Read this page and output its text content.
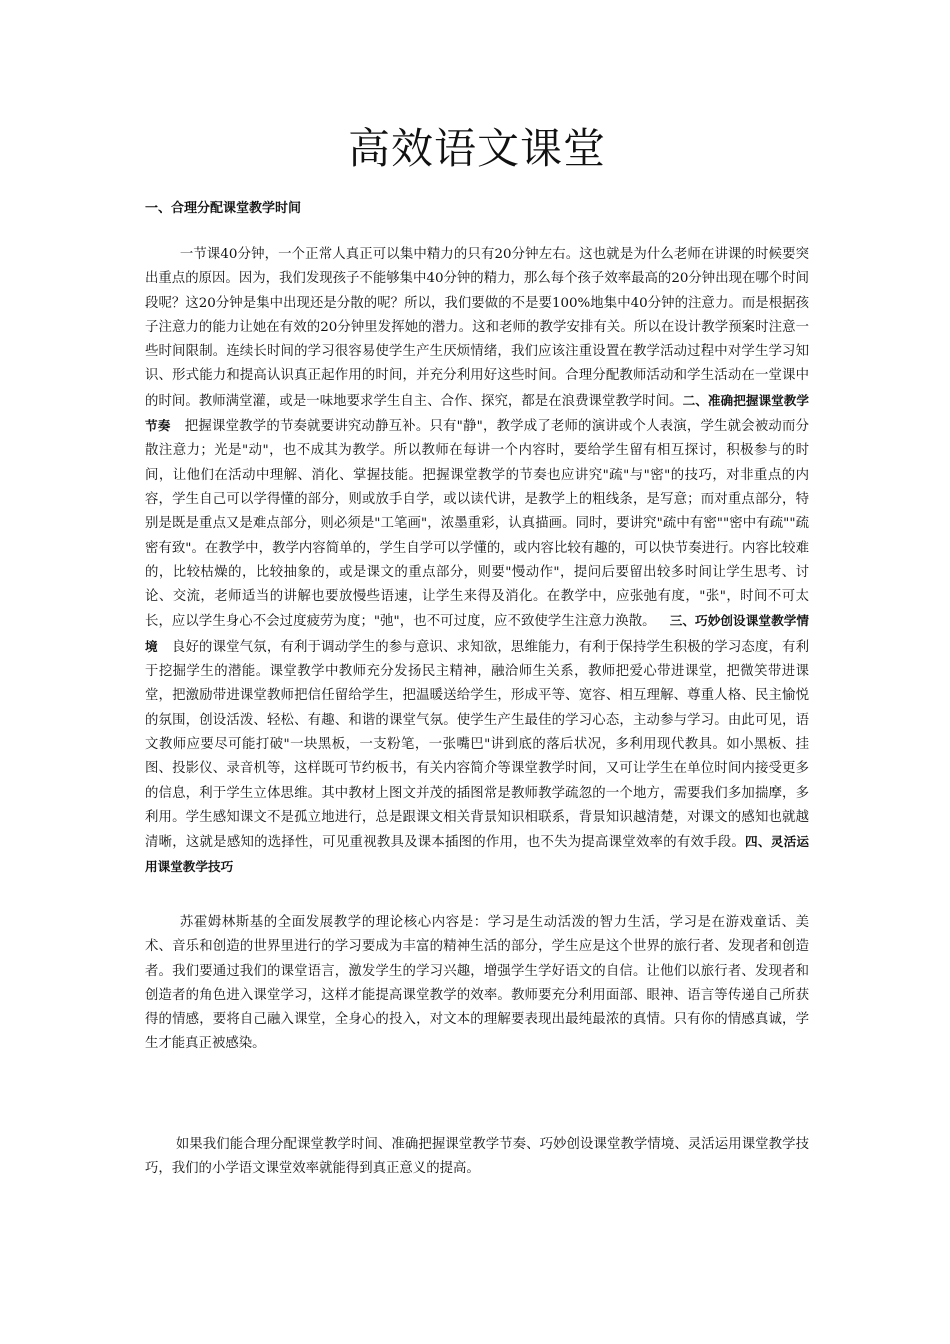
高效语文课堂
一、合理分配课堂教学时间

一节课40分钟，一个正常人真正可以集中精力的只有20分钟左右。这也就是为什么老师在讲课的时候要突出重点的原因。因为，我们发现孩子不能够集中40分钟的精力，那么每个孩子效率最高的20分钟出现在哪个时间段呢？这20分钟是集中出现还是分散的呢？所以，我们要做的不是要100%地集中40分钟的注意力。而是根据孩子注意力的能力让她在有效的20分钟里发挥她的潜力。这和老师的教学安排有关。所以在设计教学预案时注意一些时间限制。连续长时间的学习很容易使学生产生厌烦情绪，我们应该注重设置在教学活动过程中对学生学习知识、形式能力和提高认识真正起作用的时间，并充分利用好这些时间。合理分配教师活动和学生活动在一堂课中的时间。教师满堂灌，或是一味地要求学生自主、合作、探究，都是在浪费课堂教学时间。二、准确把握课堂教学节奏 把握课堂教学的节奏就要讲究动静互补。只有"静"，教学成了老师的演讲或个人表演，学生就会被动而分散注意力；光是"动"，也不成其为教学。所以教师在每讲一个内容时，要给学生留有相互探讨，积极参与的时间，让他们在活动中理解、消化、掌握技能。把握课堂教学的节奏也应讲究"疏"与"密"的技巧，对非重点的内容，学生自己可以学得懂的部分，则或放手自学，或以读代讲，是教学上的粗线条，是写意；而对重点部分，特别是既是重点又是难点部分，则必须是"工笔画"，浓墨重彩，认真描画。同时，要讲究"疏中有密""密中有疏""疏密有致"。在教学中，教学内容简单的，学生自学可以学懂的，或内容比较有趣的，可以快节奏进行。内容比较难的，比较枯燥的，比较抽象的，或是课文的重点部分，则要"慢动作"，提问后要留出较多时间让学生思考、讨论、交流，老师适当的讲解也要放慢些语速，让学生来得及消化。在教学中，应张弛有度，"张"，时间不可太长，应以学生身心不会过度疲劳为度；"弛"，也不可过度，应不致使学生注意力涣散。 三、巧妙创设课堂教学情境 良好的课堂气氛，有利于调动学生的参与意识、求知欲，思维能力，有利于保持学生积极的学习态度，有利于挖掘学生的潜能。课堂教学中教师充分发扬民主精神，融洽师生关系，教师把爱心带进课堂，把微笑带进课堂，把激励带进课堂教师把信任留给学生，把温暖送给学生，形成平等、宽容、相互理解、尊重人格、民主愉悦的氛围，创设活泼、轻松、有趣、和谐的课堂气氛。使学生产生最佳的学习心态，主动参与学习。由此可见，语文教师应要尽可能打破"一块黑板，一支粉笔，一张嘴巴"讲到底的落后状况，多利用现代教具。如小黑板、挂图、投影仪、录音机等，这样既可节约板书，有关内容简介等课堂教学时间，又可让学生在单位时间内接受更多的信息，利于学生立体思维。其中教材上图文并茂的插图常是教师教学疏忽的一个地方，需要我们多加揣摩，多利用。学生感知课文不是孤立地进行，总是跟课文相关背景知识相联系，背景知识越清楚，对课文的感知也就越清晰，这就是感知的选择性，可见重视教具及课本插图的作用，也不失为提高课堂效率的有效手段。四、灵活运用课堂教学技巧

苏霍姆林斯基的全面发展教学的理论核心内容是：学习是生动活泼的智力生活，学习是在游戏童话、美术、音乐和创造的世界里进行的学习要成为丰富的精神生活的部分，学生应是这个世界的旅行者、发现者和创造者。我们要通过我们的课堂语言，激发学生的学习兴趣，增强学生学好语文的自信。让他们以旅行者、发现者和创造者的角色进入课堂学习，这样才能提高课堂教学的效率。教师要充分利用面部、眼神、语言等传递自己所获得的情感，要将自己融入课堂，全身心的投入，对文本的理解要表现出最纯最浓的真情。只有你的情感真诚，学生才能真正被感染。

如果我们能合理分配课堂教学时间、准确把握课堂教学节奏、巧妙创设课堂教学情境、灵活运用课堂教学技巧，我们的小学语文课堂效率就能得到真正意义的提高。
